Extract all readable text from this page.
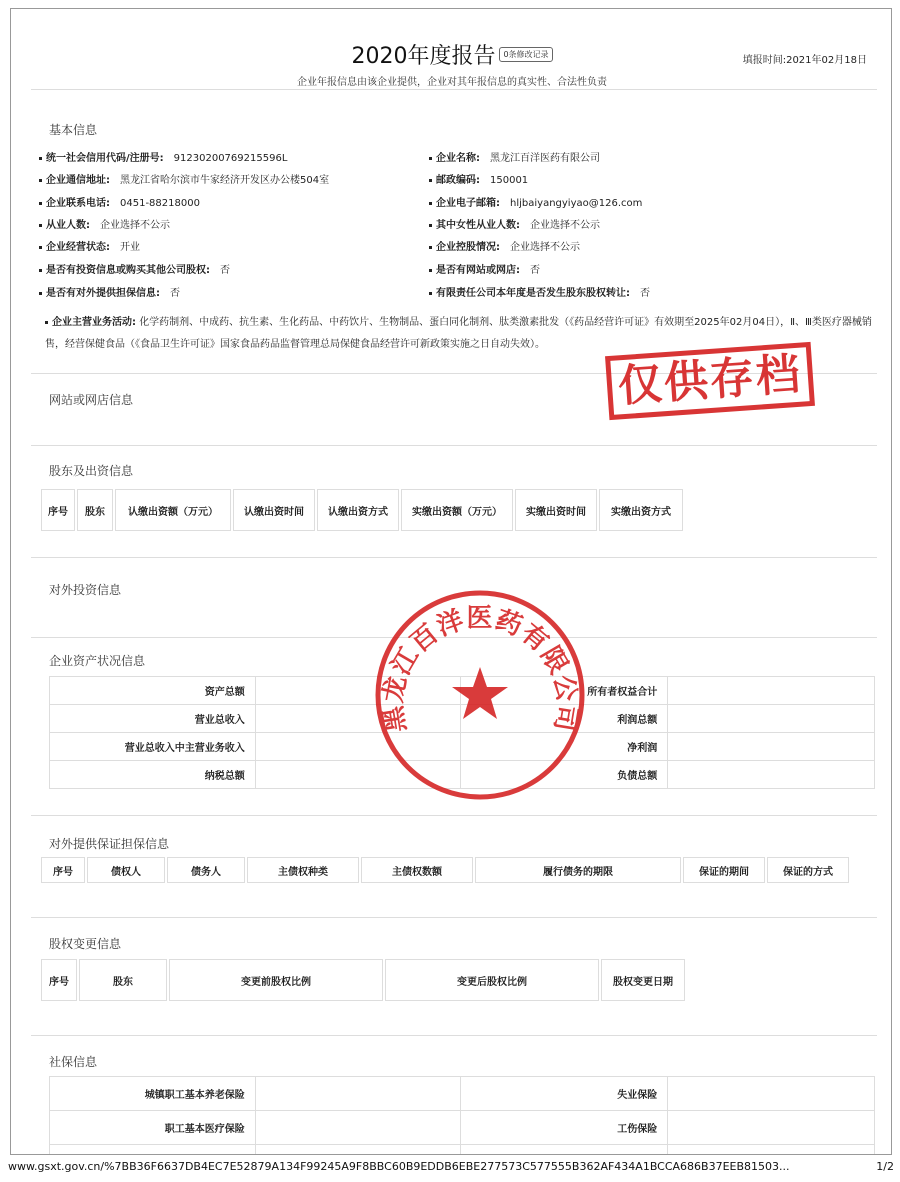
2020年度报告 0条修改记录
填报时间:2021年02月18日
企业年报信息由该企业提供，企业对其年报信息的真实性、合法性负责
基本信息
统一社会信用代码/注册号: 91230200769215596L	企业名称: 黑龙江百洋医药有限公司
企业通信地址: 黑龙江省哈尔滨市牛家经济开发区办公楼504室	邮政编码: 150001
企业联系电话: 0451-88218000	企业电子邮箱: hljbaiyangyiyao@126.com
从业人数: 企业选择不公示	其中女性从业人数: 企业选择不公示
企业经营状态: 开业	企业控股情况: 企业选择不公示
是否有投资信息或购买其他公司股权: 否	是否有网站或网店: 否
是否有对外提供担保信息: 否	有限责任公司本年度是否发生股东股权转让: 否
企业主营业务活动: 化学药制剂、中成药、抗生素、生化药品、中药饮片、生物制品、蛋白同化制剂、肽类激素批发（《药品经营许可证》有效期至2025年02月04日），Ⅱ、Ⅲ类医疗器械销售，经营保健食品（《食品卫生许可证》国家食品药品监督管理总局保健食品经营许可新政策实施之日自动失效）。
网站或网店信息
股东及出资信息
序号	股东	认缴出资额（万元）	认缴出资时间	认缴出资方式	实缴出资额（万元）	实缴出资时间	实缴出资方式
对外投资信息
企业资产状况信息
资产总额		所有者权益合计	
营业总收入		利润总额	
营业总收入中主营业务收入		净利润	
纳税总额		负债总额	
对外提供保证担保信息
序号	债权人	债务人	主债权种类	主债权数额	履行债务的期限	保证的期间	保证的方式
股权变更信息
序号	股东	变更前股权比例	变更后股权比例	股权变更日期
社保信息
城镇职工基本养老保险		失业保险	
职工基本医疗保险		工伤保险	

仅供存档
黑龙江百洋医药有限公司
www.gsxt.gov.cn/%7BB36F6637DB4EC7E52879A134F99245A9F8BBC60B9EDDB6EBE277573C577555B362AF434A1BCCA686B37EEB81503...	1/2
